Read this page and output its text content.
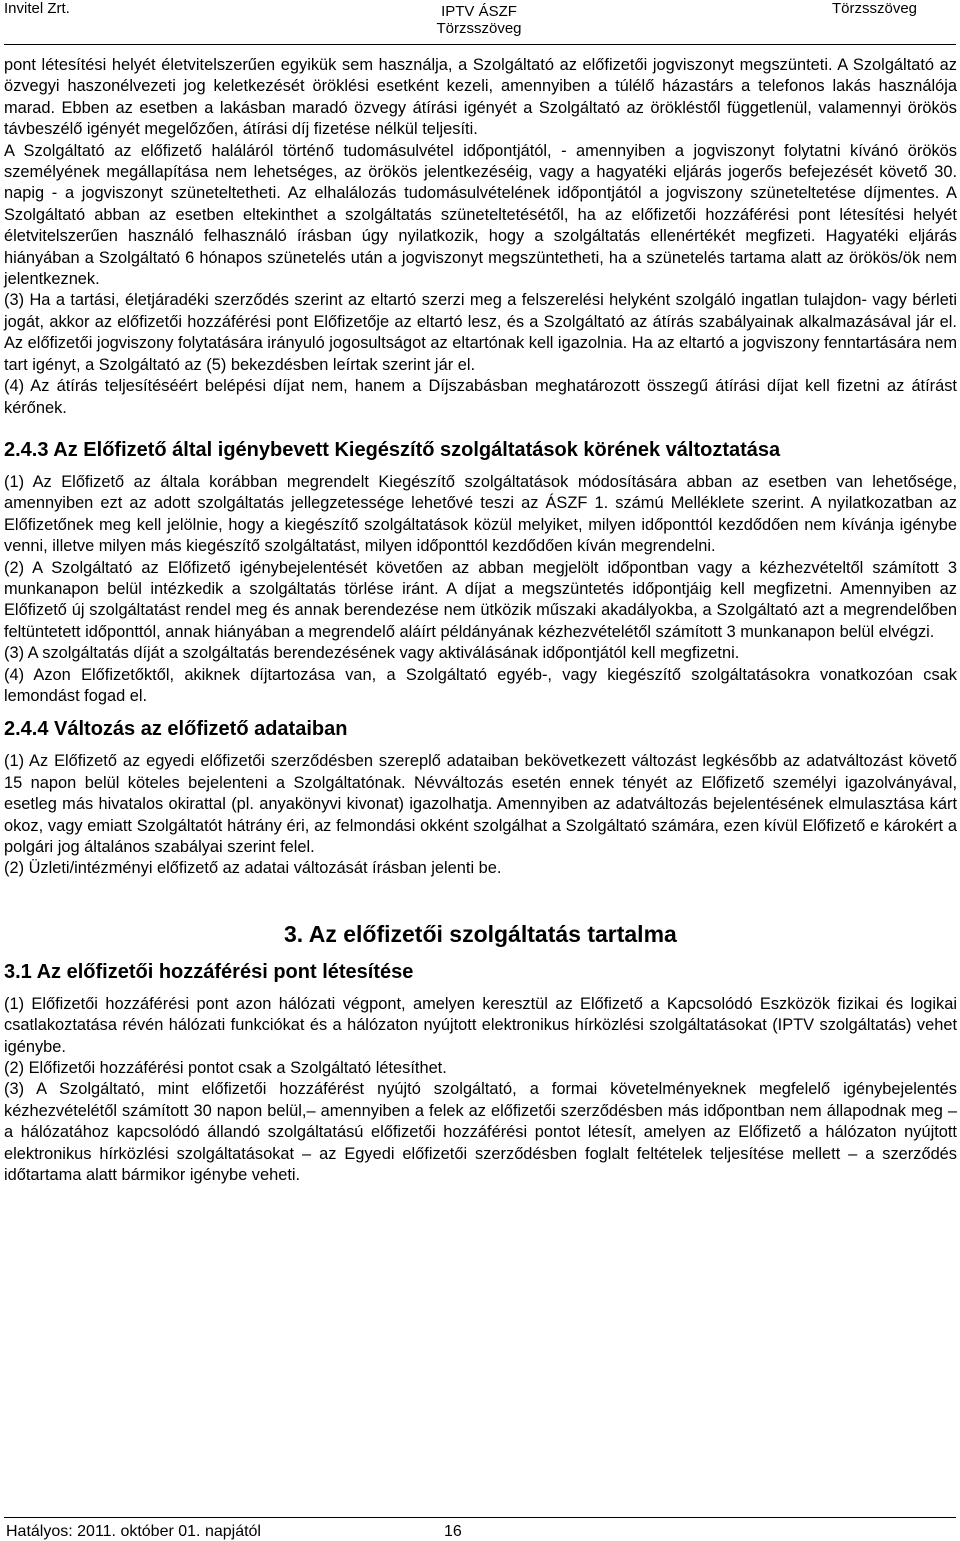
Invitel Zrt.	IPTV ÁSZF
Törzsszöveg
Törzsszöveg

pont létesítési helyét életvitelszerűen egyikük sem használja, a Szolgáltató az előfizetői jogviszonyt megszünteti. A Szolgáltató az özvegyi haszonélvezeti jog keletkezését öröklési esetként kezeli, amennyiben a túlélő házastárs a telefonos lakás használója marad. Ebben az esetben a lakásban maradó özvegy átírási igényét a Szolgáltató az örökléstől függetlenül, valamennyi örökös távbeszélő igényét megelőzően, átírási díj fizetése nélkül teljesíti.

A Szolgáltató az előfizető haláláról történő tudomásulvétel időpontjától, - amennyiben a jogviszonyt folytatni kívánó örökös személyének megállapítása nem lehetséges, az örökös jelentkezéséig, vagy a hagyatéki eljárás jogerős befejezését követő 30. napig - a jogviszonyt szüneteltetheti. Az elhalálozás tudomásulvételének időpontjától a jogviszony szüneteltetése díjmentes. A Szolgáltató abban az esetben eltekinthet a szolgáltatás szüneteltetésétől, ha az előfizetői hozzáférési pont létesítési helyét életvitelszerűen használó felhasználó írásban úgy nyilatkozik, hogy a szolgáltatás ellenértékét megfizeti. Hagyatéki eljárás hiányában a Szolgáltató 6 hónapos szünetelés után a jogviszonyt megszüntetheti, ha a szünetelés tartama alatt az örökös/ök nem jelentkeznek.

(3) Ha a tartási, életjáradéki szerződés szerint az eltartó szerzi meg a felszerelési helyként szolgáló ingatlan tulajdon- vagy bérleti jogát, akkor az előfizetői hozzáférési pont Előfizetője az eltartó lesz, és a Szolgáltató az átírás szabályainak alkalmazásával jár el. Az előfizetői jogviszony folytatására irányuló jogosultságot az eltartónak kell igazolnia. Ha az eltartó a jogviszony fenntartására nem tart igényt, a Szolgáltató az (5) bekezdésben leírtak szerint jár el.

(4) Az átírás teljesítéséért belépési díjat nem, hanem a Díjszabásban meghatározott összegű átírási díjat kell fizetni az átírást kérőnek.

2.4.3 Az Előfizető által igénybevett Kiegészítő szolgáltatások körének változtatása

(1) Az Előfizető az általa korábban megrendelt Kiegészítő szolgáltatások módosítására abban az esetben van lehetősége, amennyiben ezt az adott szolgáltatás jellegzetessége lehetővé teszi az ÁSZF 1. számú Melléklete szerint. A nyilatkozatban az Előfizetőnek meg kell jelölnie, hogy a kiegészítő szolgáltatások közül melyiket, milyen időponttól kezdődően nem kívánja igénybe venni, illetve milyen más kiegészítő szolgáltatást, milyen időponttól kezdődően kíván megrendelni.

(2) A Szolgáltató az Előfizető igénybejelentését követően az abban megjelölt időpontban vagy a kézhezvételtől számított 3 munkanapon belül intézkedik a szolgáltatás törlése iránt. A díjat a megszüntetés időpontjáig kell megfizetni. Amennyiben az Előfizető új szolgáltatást rendel meg és annak berendezése nem ütközik műszaki akadályokba, a Szolgáltató azt a megrendelőben feltüntetett időponttól, annak hiányában a megrendelő aláírt példányának kézhezvételétől számított 3 munkanapon belül elvégzi.

(3) A szolgáltatás díját a szolgáltatás berendezésének vagy aktiválásának időpontjától kell megfizetni.

(4) Azon Előfizetőktől, akiknek díjtartozása van, a Szolgáltató egyéb-, vagy kiegészítő szolgáltatásokra vonatkozóan csak lemondást fogad el.

2.4.4 Változás az előfizető adataiban

(1) Az Előfizető az egyedi előfizetői szerződésben szereplő adataiban bekövetkezett változást legkésőbb az adatváltozást követő 15 napon belül köteles bejelenteni a Szolgáltatónak. Névváltozás esetén ennek tényét az Előfizető személyi igazolványával, esetleg más hivatalos okirattal (pl. anyakönyvi kivonat) igazolhatja. Amennyiben az adatváltozás bejelentésének elmulasztása kárt okoz, vagy emiatt Szolgáltatót hátrány éri, az felmondási okként szolgálhat a Szolgáltató számára, ezen kívül Előfizető e károkért a polgári jog általános szabályai szerint felel.

(2) Üzleti/intézményi előfizető az adatai változását írásban jelenti be.

3. Az előfizetői szolgáltatás tartalma
3.1 Az előfizetői hozzáférési pont létesítése

(1) Előfizetői hozzáférési pont azon hálózati végpont, amelyen keresztül az Előfizető a Kapcsolódó Eszközök fizikai és logikai csatlakoztatása révén hálózati funkciókat és a hálózaton nyújtott elektronikus hírközlési szolgáltatásokat (IPTV szolgáltatás) vehet igénybe.

(2) Előfizetői hozzáférési pontot csak a Szolgáltató létesíthet.

(3) A Szolgáltató, mint előfizetői hozzáférést nyújtó szolgáltató, a formai követelményeknek megfelelő igénybejelentés kézhezvételétől számított 30 napon belül,– amennyiben a felek az előfizetői szerződésben más időpontban nem állapodnak meg – a hálózatához kapcsolódó állandó szolgáltatású előfizetői hozzáférési pontot létesít, amelyen az Előfizető a hálózaton nyújtott elektronikus hírközlési szolgáltatásokat – az Egyedi előfizetői szerződésben foglalt feltételek teljesítése mellett – a szerződés időtartama alatt bármikor igénybe veheti.

Hatályos: 2011. október 01. napjától	16
